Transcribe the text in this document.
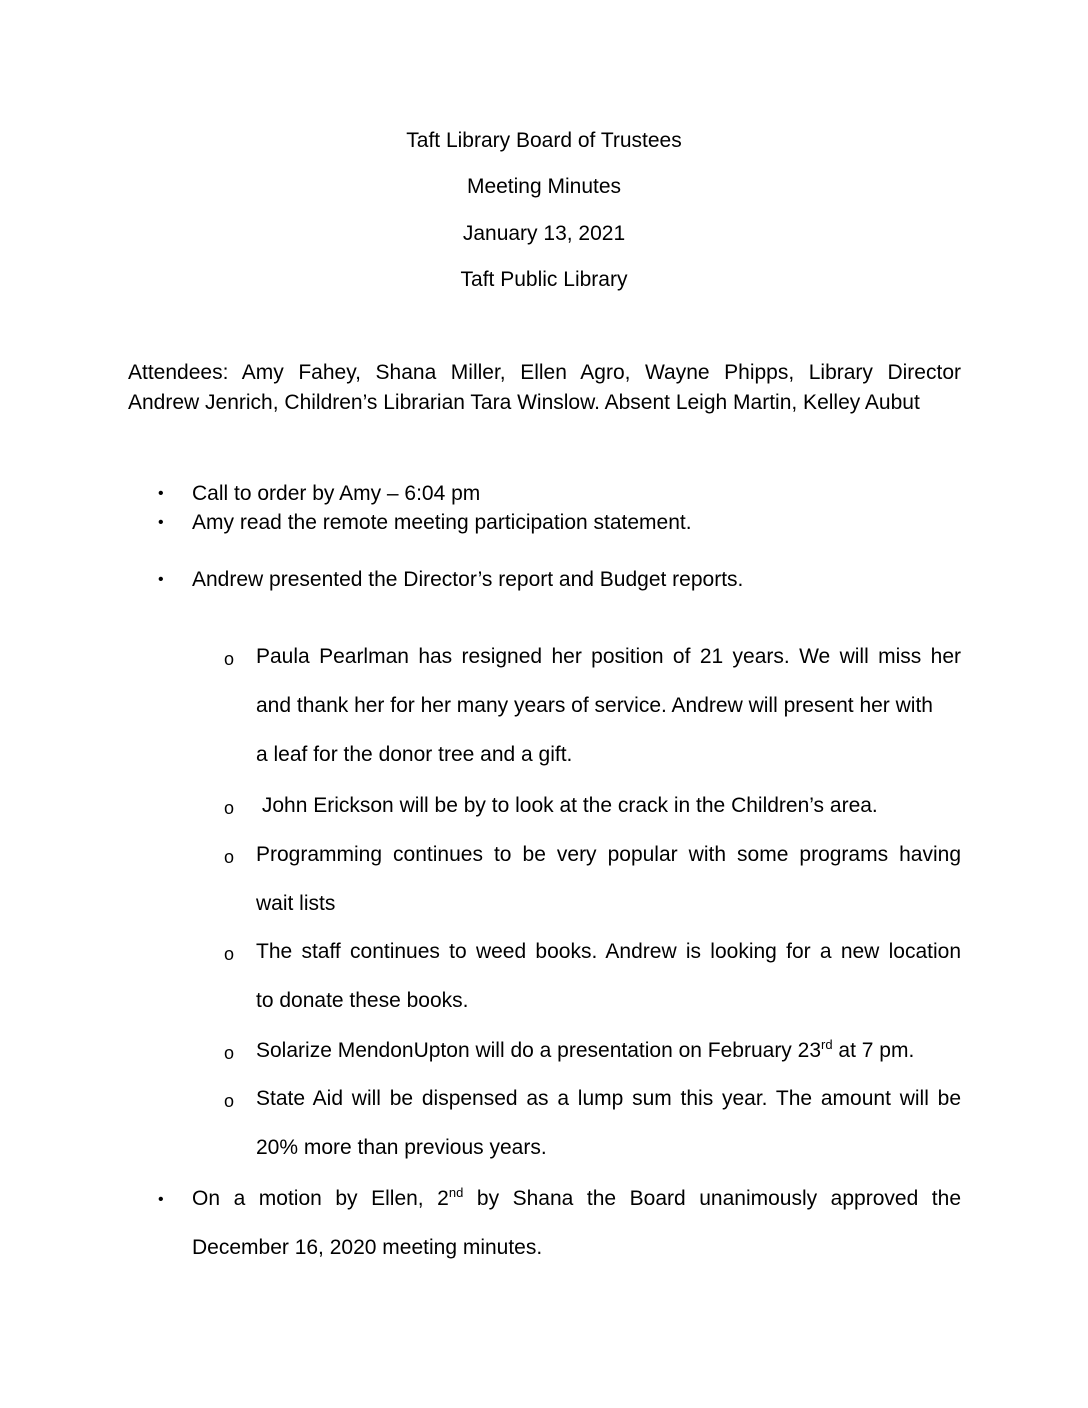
Taft Library Board of Trustees
Meeting Minutes
January 13, 2021
Taft Public Library
Attendees: Amy Fahey, Shana Miller, Ellen Agro, Wayne Phipps, Library Director
Andrew Jenrich, Children’s Librarian Tara Winslow. Absent Leigh Martin, Kelley Aubut
• Call to order by Amy – 6:04 pm
• Amy read the remote meeting participation statement.
• Andrew presented the Director’s report and Budget reports.
o Paula Pearlman has resigned her position of 21 years. We will miss her
and thank her for her many years of service. Andrew will present her with
a leaf for the donor tree and a gift.
o John Erickson will be by to look at the crack in the Children’s area.
o Programming continues to be very popular with some programs having
wait lists
o The staff continues to weed books. Andrew is looking for a new location
to donate these books.
o Solarize MendonUpton will do a presentation on February 23rd at 7 pm.
o State Aid will be dispensed as a lump sum this year. The amount will be
20% more than previous years.
• On a motion by Ellen, 2nd by Shana the Board unanimously approved the
December 16, 2020 meeting minutes.
